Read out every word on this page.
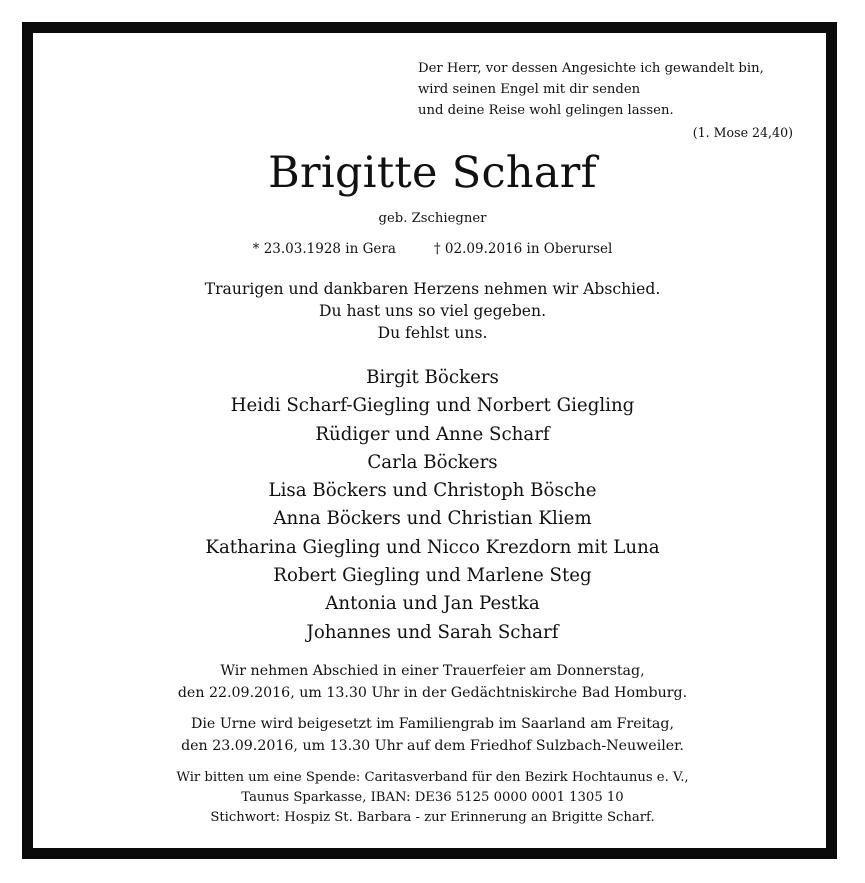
Der Herr, vor dessen Angesichte ich gewandelt bin,
wird seinen Engel mit dir senden
und deine Reise wohl gelingen lassen.
(1. Mose 24,40)
Brigitte Scharf
geb. Zschiegner
* 23.03.1928 in Gera	† 02.09.2016 in Oberursel
Traurigen und dankbaren Herzens nehmen wir Abschied.
Du hast uns so viel gegeben.
Du fehlst uns.
Birgit Böckers
Heidi Scharf-Giegling und Norbert Giegling
Rüdiger und Anne Scharf
Carla Böckers
Lisa Böckers und Christoph Bösche
Anna Böckers und Christian Kliem
Katharina Giegling und Nicco Krezdorn mit Luna
Robert Giegling und Marlene Steg
Antonia und Jan Pestka
Johannes und Sarah Scharf
Wir nehmen Abschied in einer Trauerfeier am Donnerstag,
den 22.09.2016, um 13.30 Uhr in der Gedächtniskirche Bad Homburg.
Die Urne wird beigesetzt im Familiengrab im Saarland am Freitag,
den 23.09.2016, um 13.30 Uhr auf dem Friedhof Sulzbach-Neuweiler.
Wir bitten um eine Spende: Caritasverband für den Bezirk Hochtaunus e. V.,
Taunus Sparkasse, IBAN: DE36 5125 0000 0001 1305 10
Stichwort: Hospiz St. Barbara - zur Erinnerung an Brigitte Scharf.
